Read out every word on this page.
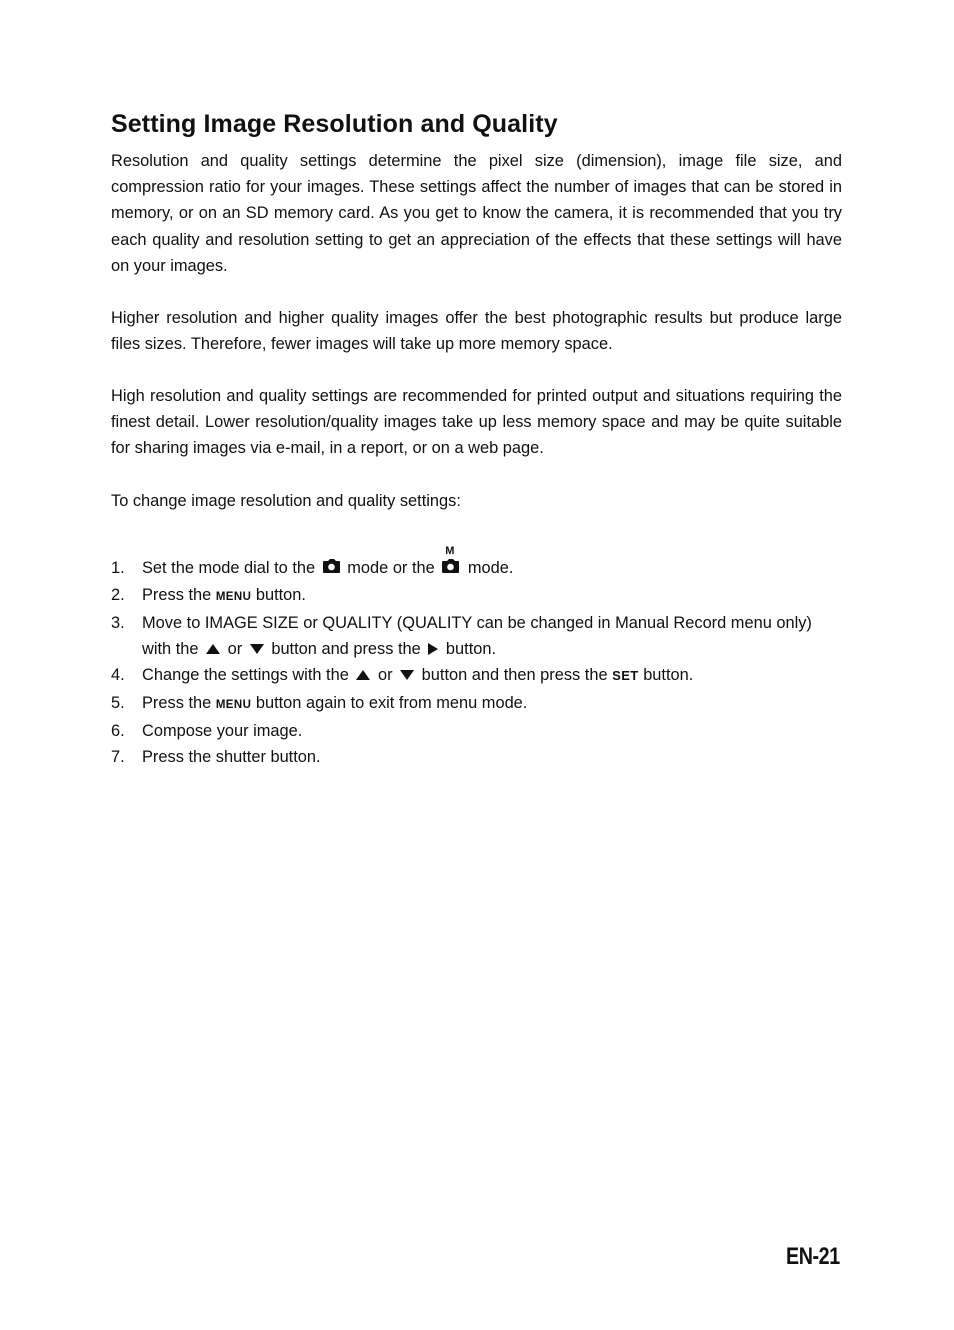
Setting Image Resolution and Quality

Resolution and quality settings determine the pixel size (dimension), image file size, and compression ratio for your images. These settings affect the number of images that can be stored in memory, or on an SD memory card. As you get to know the camera, it is recommended that you try each quality and resolution setting to get an appreciation of the effects that these settings will have on your images.

Higher resolution and higher quality images offer the best photographic results but produce large files sizes. Therefore, fewer images will take up more memory space.

High resolution and quality settings are recommended for printed output and situations requiring the finest detail. Lower resolution/quality images take up less memory space and may be quite suitable for sharing images via e-mail, in a report, or on a web page.

To change image resolution and quality settings:

1. Set the mode dial to the mode or the
M
mode.
2. Press the MENU button.
3. Move to IMAGE SIZE or QUALITY (QUALITY can be changed in Manual Record menu only) with the or button and press the button.
4. Change the settings with the or button and then press the SET button.
5. Press the MENU button again to exit from menu mode.
6. Compose your image.
7. Press the shutter button.
EN-21
